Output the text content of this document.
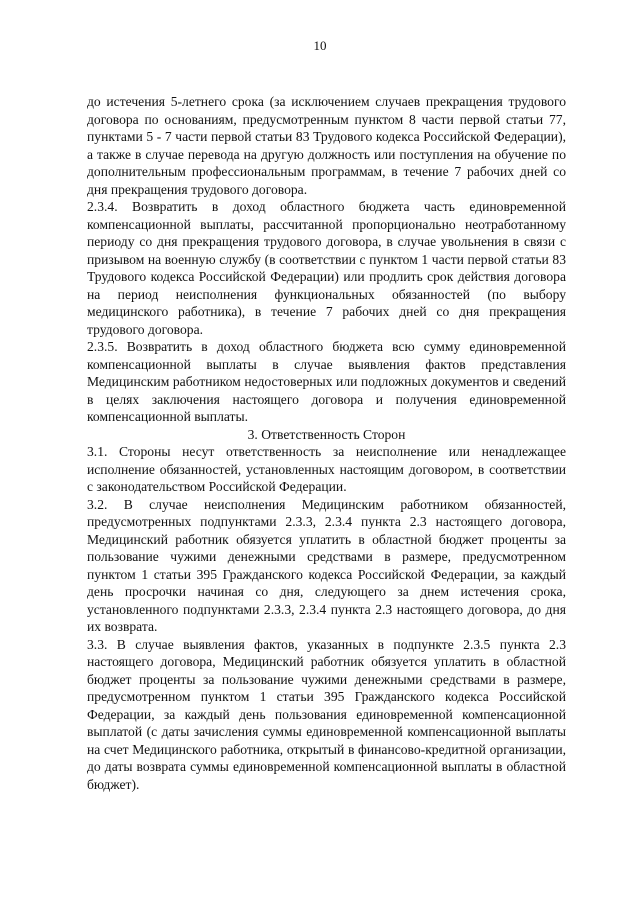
10

до истечения 5-летнего срока (за исключением случаев прекращения трудового договора по основаниям, предусмотренным пунктом 8 части первой статьи 77, пунктами 5 - 7 части первой статьи 83 Трудового кодекса Российской Федерации), а также в случае перевода на другую должность или поступления на обучение по дополнительным профессиональным программам, в течение 7 рабочих дней со дня прекращения трудового договора.

2.3.4. Возвратить в доход областного бюджета часть единовременной компенсационной выплаты, рассчитанной пропорционально неотработанному периоду со дня прекращения трудового договора, в случае увольнения в связи с призывом на военную службу (в соответствии с пунктом 1 части первой статьи 83 Трудового кодекса Российской Федерации) или продлить срок действия договора на период неисполнения функциональных обязанностей (по выбору медицинского работника), в течение 7 рабочих дней со дня прекращения трудового договора.

2.3.5. Возвратить в доход областного бюджета всю сумму единовременной компенсационной выплаты в случае выявления фактов представления Медицинским работником недостоверных или подложных документов и сведений в целях заключения настоящего договора и получения единовременной компенсационной выплаты.

3. Ответственность Сторон

3.1. Стороны несут ответственность за неисполнение или ненадлежащее исполнение обязанностей, установленных настоящим договором, в соответствии с законодательством Российской Федерации.

3.2. В случае неисполнения Медицинским работником обязанностей, предусмотренных подпунктами 2.3.3, 2.3.4 пункта 2.3 настоящего договора, Медицинский работник обязуется уплатить в областной бюджет проценты за пользование чужими денежными средствами в размере, предусмотренном пунктом 1 статьи 395 Гражданского кодекса Российской Федерации, за каждый день просрочки начиная со дня, следующего за днем истечения срока, установленного подпунктами 2.3.3, 2.3.4 пункта 2.3 настоящего договора, до дня их возврата.

3.3. В случае выявления фактов, указанных в подпункте 2.3.5 пункта 2.3 настоящего договора, Медицинский работник обязуется уплатить в областной бюджет проценты за пользование чужими денежными средствами в размере, предусмотренном пунктом 1 статьи 395 Гражданского кодекса Российской Федерации, за каждый день пользования единовременной компенсационной выплатой (с даты зачисления суммы единовременной компенсационной выплаты на счет Медицинского работника, открытый в финансово-кредитной организации, до даты возврата суммы единовременной компенсационной выплаты в областной бюджет).
